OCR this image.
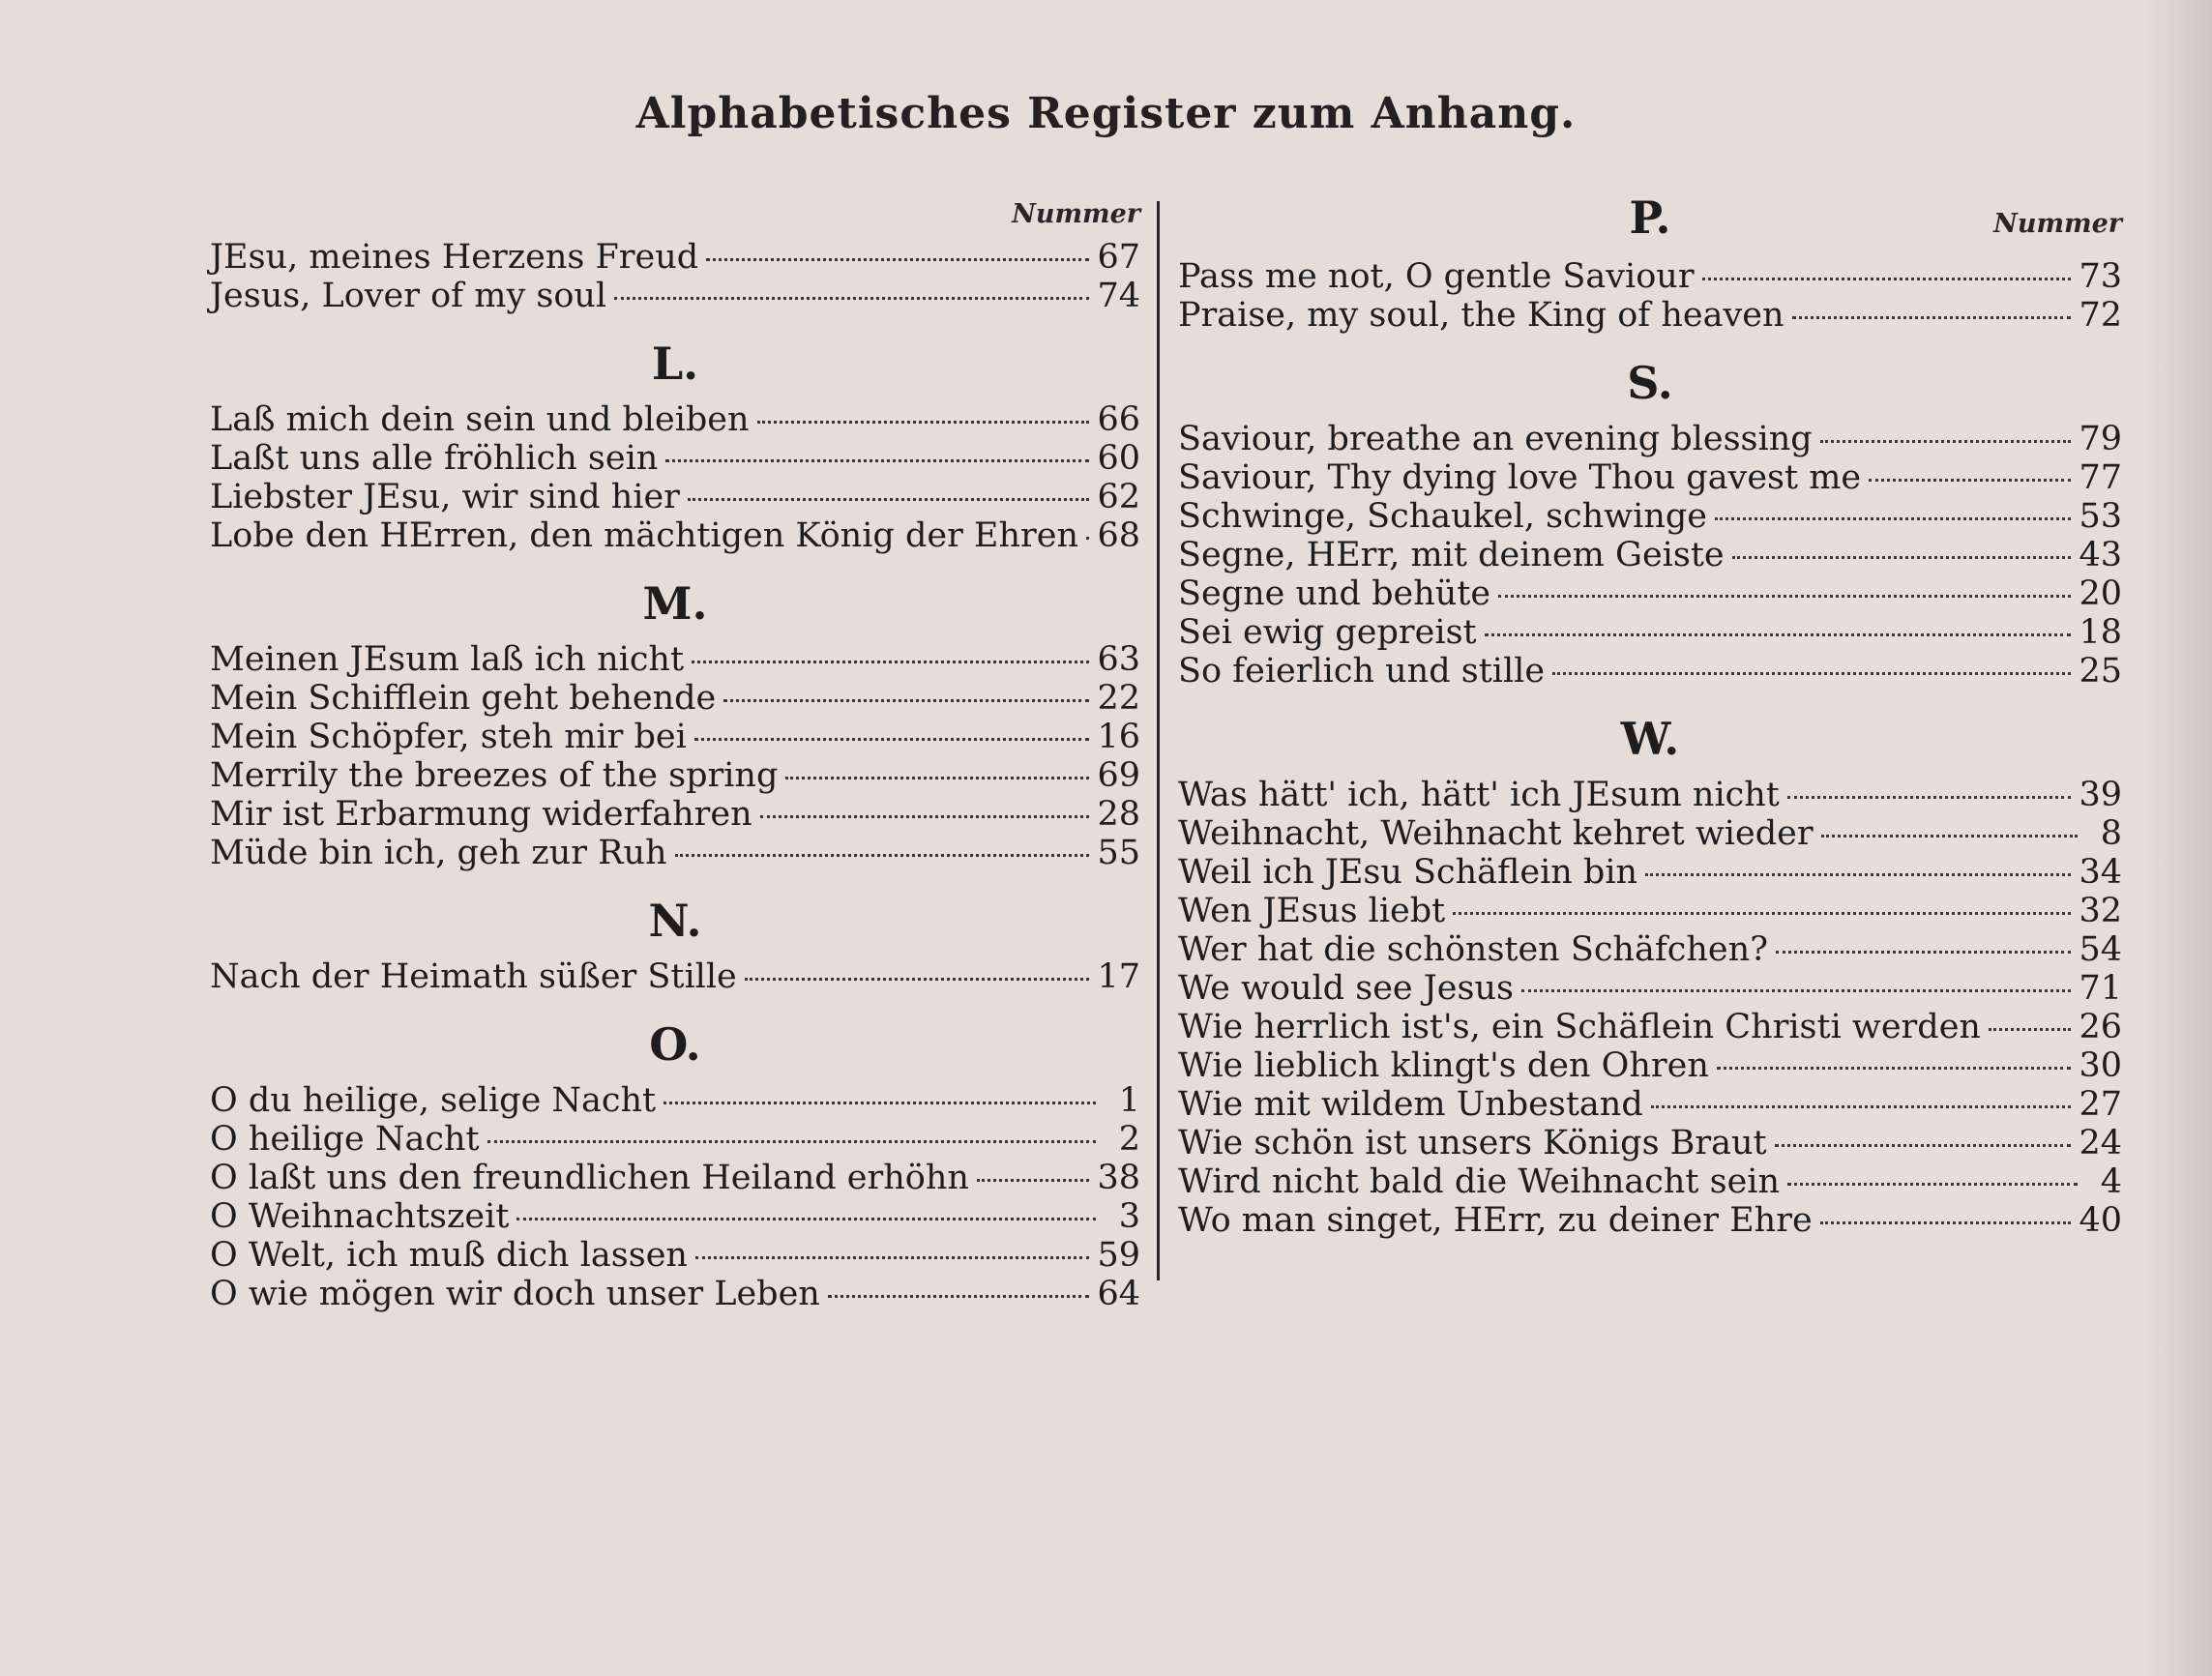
Alphabetisches Register zum Anhang.
Nummer
JEsu, meines Herzens Freud	67
Jesus, Lover of my soul	74
L.
Laß mich dein sein und bleiben	66
Laßt uns alle fröhlich sein	60
Liebster JEsu, wir sind hier	62
Lobe den HErren, den mächtigen König der Ehren 68
M.
Meinen JEsum laß ich nicht	63
Mein Schifflein geht behende	22
Mein Schöpfer, steh mir bei	16
Merrily the breezes of the spring	69
Mir ist Erbarmung widerfahren	28
Müde bin ich, geh zur Ruh	55
N.
Nach der Heimath süßer Stille	17
O.
O du heilige, selige Nacht	1
O heilige Nacht	2
O laßt uns den freundlichen Heiland erhöhn	38
O Weihnachtszeit	3
O Welt, ich muß dich lassen	59
O wie mögen wir doch unser Leben	64
P.	Nummer
Pass me not, O gentle Saviour	73
Praise, my soul, the King of heaven	72
S.
Saviour, breathe an evening blessing	79
Saviour, Thy dying love Thou gavest me	77
Schwinge, Schaukel, schwinge	53
Segne, HErr, mit deinem Geiste	43
Segne und behüte	20
Sei ewig gepreist	18
So feierlich und stille	25
W.
Was hätt' ich, hätt' ich JEsum nicht	39
Weihnacht, Weihnacht kehret wieder	8
Weil ich JEsu Schäflein bin	34
Wen JEsus liebt	32
Wer hat die schönsten Schäfchen?	54
We would see Jesus	71
Wie herrlich ist's, ein Schäflein Christi werden	26
Wie lieblich klingt's den Ohren	30
Wie mit wildem Unbestand	27
Wie schön ist unsers Königs Braut	24
Wird nicht bald die Weihnacht sein	4
Wo man singet, HErr, zu deiner Ehre	40
